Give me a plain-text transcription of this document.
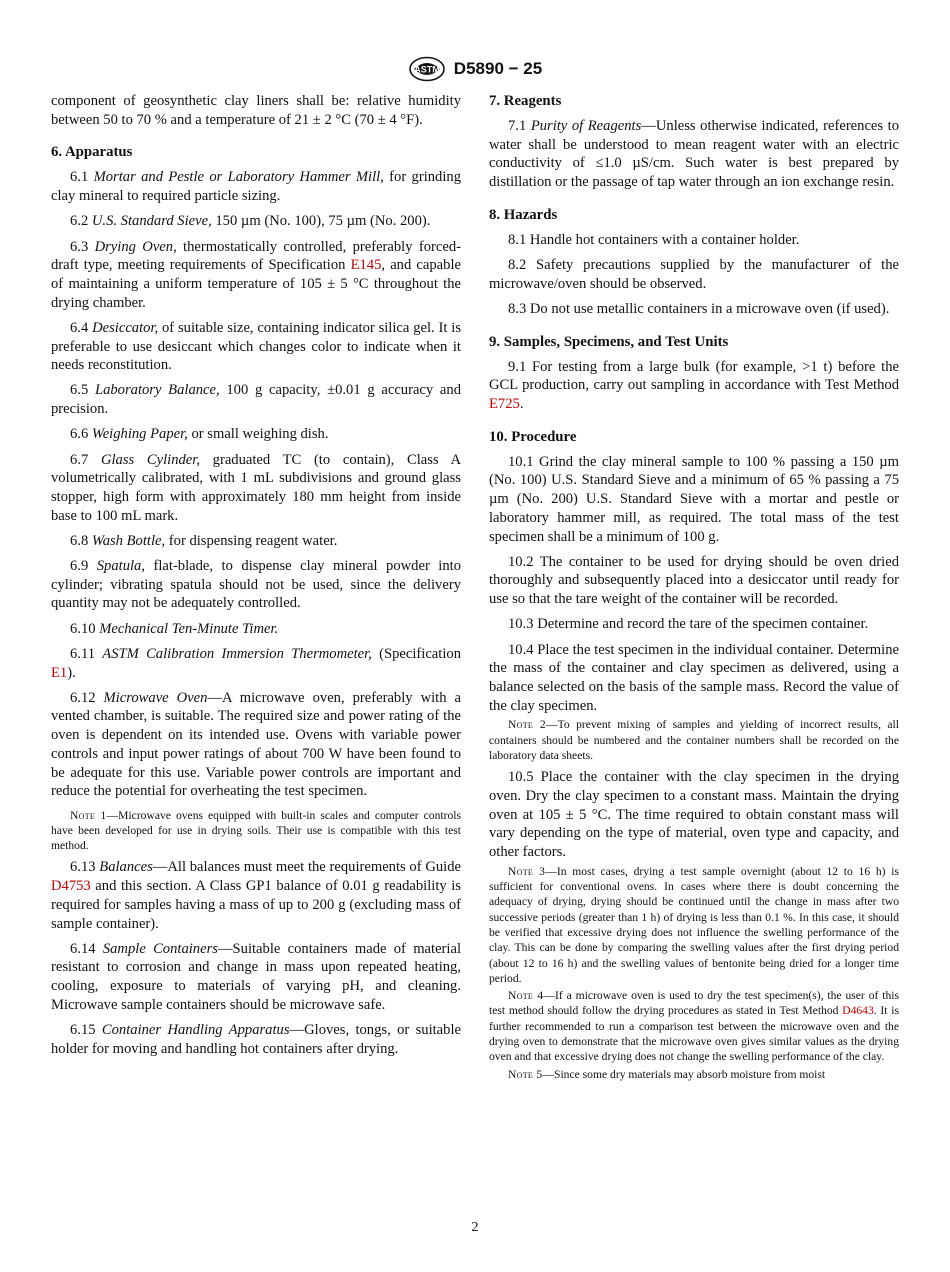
ASTM D5890 − 25

component of geosynthetic clay liners shall be: relative humidity between 50 to 70 % and a temperature of 21 ± 2 °C (70 ± 4 °F).

6. Apparatus

6.1 Mortar and Pestle or Laboratory Hammer Mill, for grinding clay mineral to required particle sizing.

6.2 U.S. Standard Sieve, 150 µm (No. 100), 75 µm (No. 200).

6.3 Drying Oven, thermostatically controlled, preferably forced-draft type, meeting requirements of Specification E145, and capable of maintaining a uniform temperature of 105 ± 5 °C throughout the drying chamber.

6.4 Desiccator, of suitable size, containing indicator silica gel. It is preferable to use desiccant which changes color to indicate when it needs reconstitution.

6.5 Laboratory Balance, 100 g capacity, ±0.01 g accuracy and precision.

6.6 Weighing Paper, or small weighing dish.

6.7 Glass Cylinder, graduated TC (to contain), Class A volumetrically calibrated, with 1 mL subdivisions and ground glass stopper, high form with approximately 180 mm height from inside base to 100 mL mark.

6.8 Wash Bottle, for dispensing reagent water.

6.9 Spatula, flat-blade, to dispense clay mineral powder into cylinder; vibrating spatula should not be used, since the delivery quantity may not be adequately controlled.

6.10 Mechanical Ten-Minute Timer.

6.11 ASTM Calibration Immersion Thermometer, (Specification E1).

6.12 Microwave Oven—A microwave oven, preferably with a vented chamber, is suitable. The required size and power rating of the oven is dependent on its intended use. Ovens with variable power controls and input power ratings of about 700 W have been found to be adequate for this use. Variable power controls are important and reduce the potential for overheating the test specimen.

Note 1—Microwave ovens equipped with built-in scales and computer controls have been developed for use in drying soils. Their use is compatible with this test method.

6.13 Balances—All balances must meet the requirements of Guide D4753 and this section. A Class GP1 balance of 0.01 g readability is required for samples having a mass of up to 200 g (excluding mass of sample container).

6.14 Sample Containers—Suitable containers made of material resistant to corrosion and change in mass upon repeated heating, cooling, exposure to materials of varying pH, and cleaning. Microwave sample containers should be microwave safe.

6.15 Container Handling Apparatus—Gloves, tongs, or suitable holder for moving and handling hot containers after drying.

7. Reagents

7.1 Purity of Reagents—Unless otherwise indicated, references to water shall be understood to mean reagent water with an electric conductivity of ≤1.0 µS/cm. Such water is best prepared by distillation or the passage of tap water through an ion exchange resin.

8. Hazards

8.1 Handle hot containers with a container holder.

8.2 Safety precautions supplied by the manufacturer of the microwave/oven should be observed.

8.3 Do not use metallic containers in a microwave oven (if used).

9. Samples, Specimens, and Test Units

9.1 For testing from a large bulk (for example, >1 t) before the GCL production, carry out sampling in accordance with Test Method E725.

10. Procedure

10.1 Grind the clay mineral sample to 100 % passing a 150 µm (No. 100) U.S. Standard Sieve and a minimum of 65 % passing a 75 µm (No. 200) U.S. Standard Sieve with a mortar and pestle or laboratory hammer mill, as required. The total mass of the test specimen shall be a minimum of 100 g.

10.2 The container to be used for drying should be oven dried thoroughly and subsequently placed into a desiccator until ready for use so that the tare weight of the container will be recorded.

10.3 Determine and record the tare of the specimen container.

10.4 Place the test specimen in the individual container. Determine the mass of the container and clay specimen as delivered, using a balance selected on the basis of the sample mass. Record the value of the clay specimen.

Note 2—To prevent mixing of samples and yielding of incorrect results, all containers should be numbered and the container numbers shall be recorded on the laboratory data sheets.

10.5 Place the container with the clay specimen in the drying oven. Dry the clay specimen to a constant mass. Maintain the drying oven at 105 ± 5 °C. The time required to obtain constant mass will vary depending on the type of material, oven type and capacity, and other factors.

Note 3—In most cases, drying a test sample overnight (about 12 to 16 h) is sufficient for conventional ovens. In cases where there is doubt concerning the adequacy of drying, drying should be continued until the change in mass after two successive periods (greater than 1 h) of drying is less than 0.1 %. In this case, it should be verified that excessive drying does not influence the swelling performance of the clay. This can be done by comparing the swelling values after the first drying period (about 12 to 16 h) and the swelling values of bentonite being dried for a longer time period.

Note 4—If a microwave oven is used to dry the test specimen(s), the user of this test method should follow the drying procedures as stated in Test Method D4643. It is further recommended to run a comparison test between the microwave oven and the drying oven to demonstrate that the microwave oven gives similar values as the drying oven and that excessive drying does not change the swelling performance of the clay.

Note 5—Since some dry materials may absorb moisture from moist

2
